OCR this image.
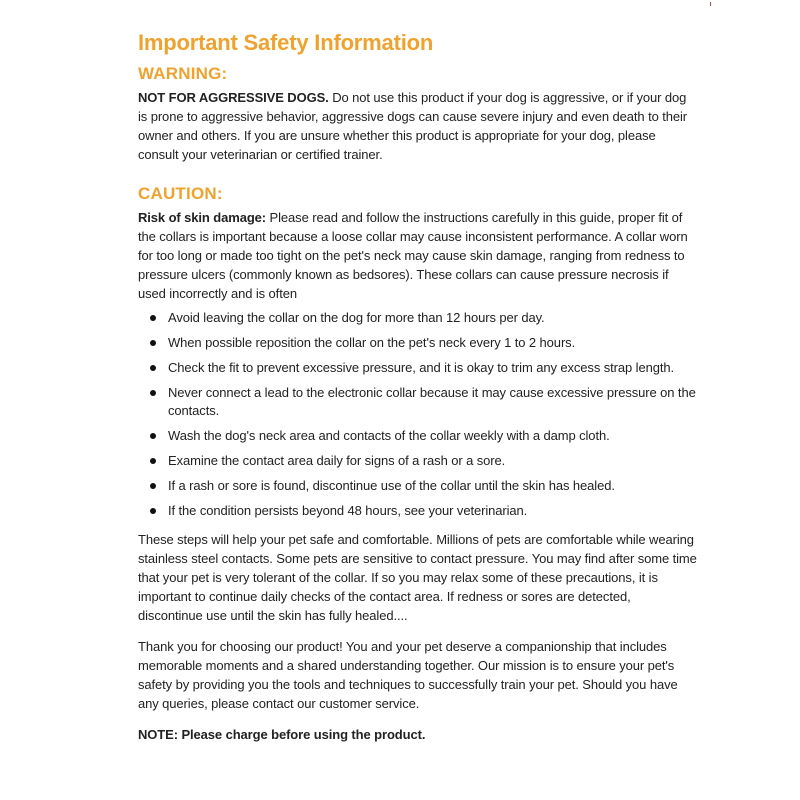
Important Safety Information
WARNING:

NOT FOR AGGRESSIVE DOGS. Do not use this product if your dog is aggressive, or if your dog is prone to aggressive behavior, aggressive dogs can cause severe injury and even death to their owner and others. If you are unsure whether this product is appropriate for your dog, please consult your veterinarian or certified trainer.

CAUTION:

Risk of skin damage: Please read and follow the instructions carefully in this guide, proper fit of the collars is important because a loose collar may cause inconsistent performance. A collar worn for too long or made too tight on the pet's neck may cause skin damage, ranging from redness to pressure ulcers (commonly known as bedsores). These collars can cause pressure necrosis if used incorrectly and is often

Avoid leaving the collar on the dog for more than 12 hours per day.
When possible reposition the collar on the pet's neck every 1 to 2 hours.
Check the fit to prevent excessive pressure, and it is okay to trim any excess strap length.
Never connect a lead to the electronic collar because it may cause excessive pressure on the contacts.
Wash the dog's neck area and contacts of the collar weekly with a damp cloth.
Examine the contact area daily for signs of a rash or a sore.
If a rash or sore is found, discontinue use of the collar until the skin has healed.
If the condition persists beyond 48 hours, see your veterinarian.

These steps will help your pet safe and comfortable. Millions of pets are comfortable while wearing stainless steel contacts. Some pets are sensitive to contact pressure. You may find after some time that your pet is very tolerant of the collar. If so you may relax some of these precautions, it is important to continue daily checks of the contact area. If redness or sores are detected, discontinue use until the skin has fully healed....

Thank you for choosing our product! You and your pet deserve a companionship that includes memorable moments and a shared understanding together. Our mission is to ensure your pet's safety by providing you the tools and techniques to successfully train your pet. Should you have any queries, please contact our customer service.

NOTE: Please charge before using the product.
